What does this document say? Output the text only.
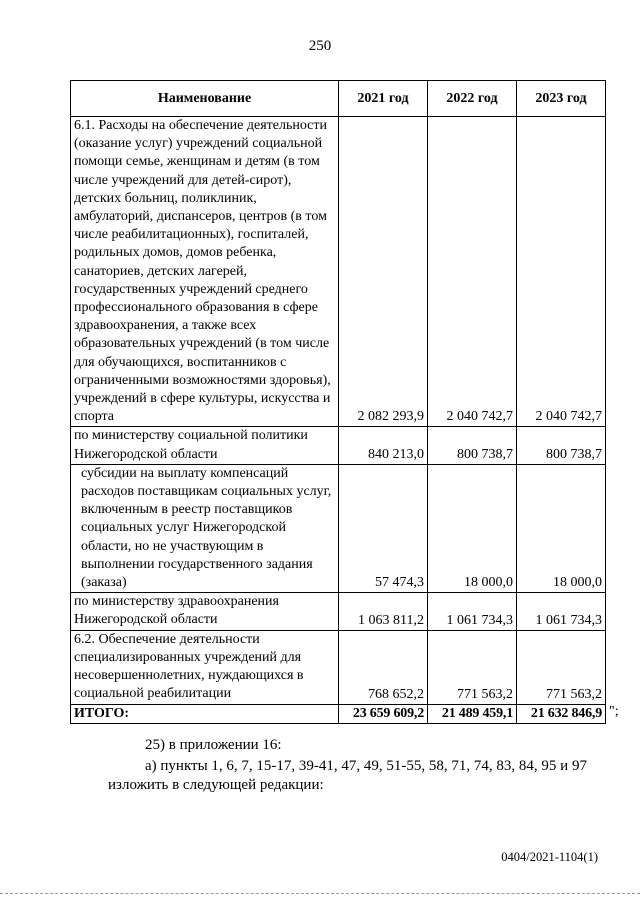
250
Наименование	2021 год	2022 год	2023 год
6.1. Расходы на обеспечение деятельности (оказание услуг) учреждений социальной помощи семье, женщинам и детям (в том числе учреждений для детей-сирот), детских больниц, поликлиник, амбулаторий, диспансеров, центров (в том числе реабилитационных), госпиталей, родильных домов, домов ребенка, санаториев, детских лагерей, государственных учреждений среднего профессионального образования в сфере здравоохранения, а также всех образовательных учреждений (в том числе для обучающихся, воспитанников с ограниченными возможностями здоровья), учреждений в сфере культуры, искусства и спорта	2 082 293,9	2 040 742,7	2 040 742,7
по министерству социальной политики Нижегородской области	840 213,0	800 738,7	800 738,7
субсидии на выплату компенсаций расходов поставщикам социальных услуг, включенным в реестр поставщиков социальных услуг Нижегородской области, но не участвующим в выполнении государственного задания (заказа)	57 474,3	18 000,0	18 000,0
по министерству здравоохранения Нижегородской области	1 063 811,2	1 061 734,3	1 061 734,3
6.2. Обеспечение деятельности специализированных учреждений для несовершеннолетних, нуждающихся в социальной реабилитации	768 652,2	771 563,2	771 563,2
ИТОГО:	23 659 609,2	21 489 459,1	21 632 846,9 ";
25) в приложении 16:
а) пункты 1, 6, 7, 15-17, 39-41, 47, 49, 51-55, 58, 71, 74, 83, 84, 95 и 97
изложить в следующей редакции:
0404/2021-1104(1)
